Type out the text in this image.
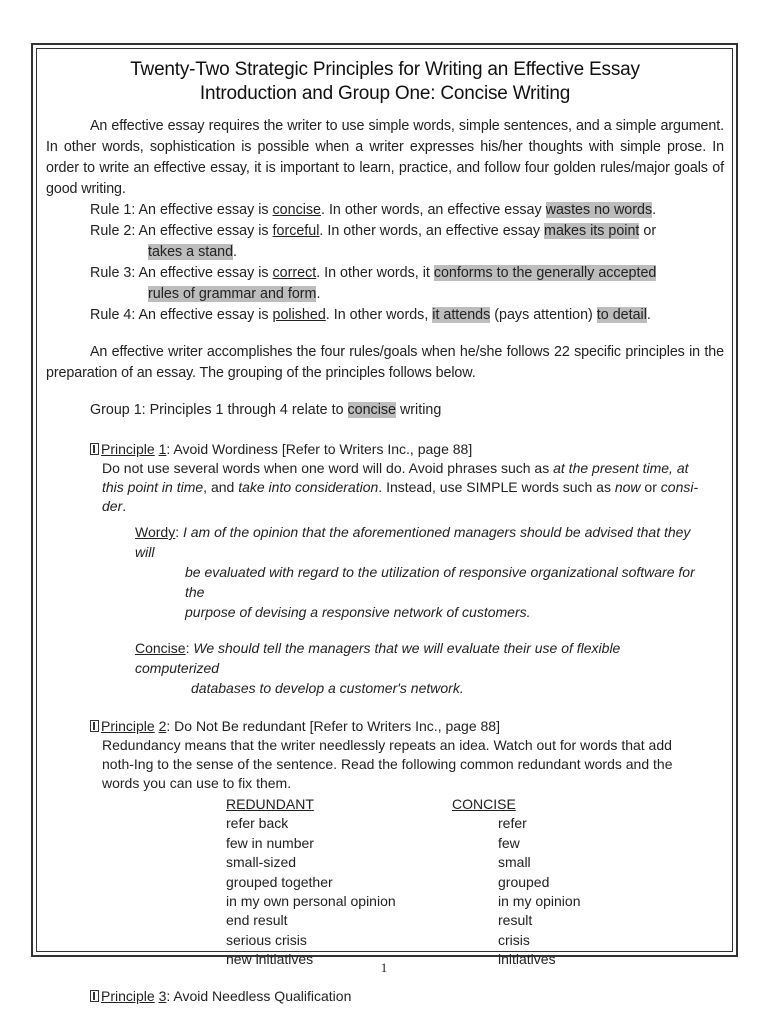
Twenty-Two Strategic Principles for Writing an Effective Essay
Introduction and Group One: Concise Writing
An effective essay requires the writer to use simple words, simple sentences, and a simple argument. In other words, sophistication is possible when a writer expresses his/her thoughts with simple prose. In order to write an effective essay, it is important to learn, practice, and follow four golden rules/major goals of good writing.
Rule 1: An effective essay is concise. In other words, an effective essay wastes no words.
Rule 2: An effective essay is forceful. In other words, an effective essay makes its point or
takes a stand.
Rule 3: An effective essay is correct. In other words, it conforms to the generally accepted
rules of grammar and form.
Rule 4: An effective essay is polished. In other words, it attends (pays attention) to detail.
An effective writer accomplishes the four rules/goals when he/she follows 22 specific principles in the preparation of an essay. The grouping of the principles follows below.
Group 1: Principles 1 through 4 relate to concise writing
Principle 1: Avoid Wordiness [Refer to Writers Inc., page 88]
Do not use several words when one word will do. Avoid phrases such as at the present time, at this point in time, and take into consideration. Instead, use SIMPLE words such as now or consi-der.
Wordy: I am of the opinion that the aforementioned managers should be advised that they will
be evaluated with regard to the utilization of responsive organizational software for the
purpose of devising a responsive network of customers.
Concise: We should tell the managers that we will evaluate their use of flexible computerized
databases to develop a customer's network.
Principle 2: Do Not Be redundant [Refer to Writers Inc., page 88]
Redundancy means that the writer needlessly repeats an idea. Watch out for words that add noth-Ing to the sense of the sentence. Read the following common redundant words and the words you can use to fix them.
REDUNDANT	CONCISE
refer back	refer
few in number	few
small-sized	small
grouped together	grouped
in my own personal opinion	in my opinion
end result	result
serious crisis	crisis
new initiatives	initiatives
Principle 3: Avoid Needless Qualification
1
